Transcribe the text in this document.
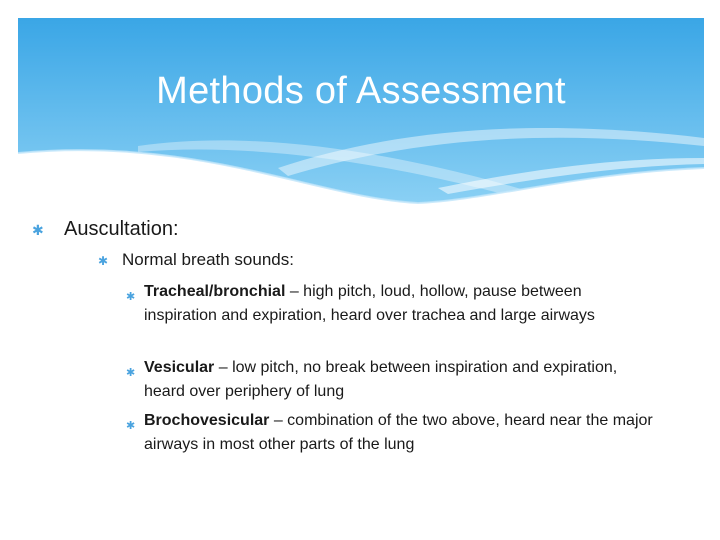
Methods of Assessment
✱	Auscultation:
✱ Normal breath sounds:
✱ Tracheal/bronchial – high pitch, loud, hollow, pause between inspiration and expiration, heard over trachea and large airways
✱ Vesicular – low pitch, no break between inspiration and expiration, heard over periphery of lung
✱ Brochovesicular – combination of the two above, heard near the major airways in most other parts of the lung
